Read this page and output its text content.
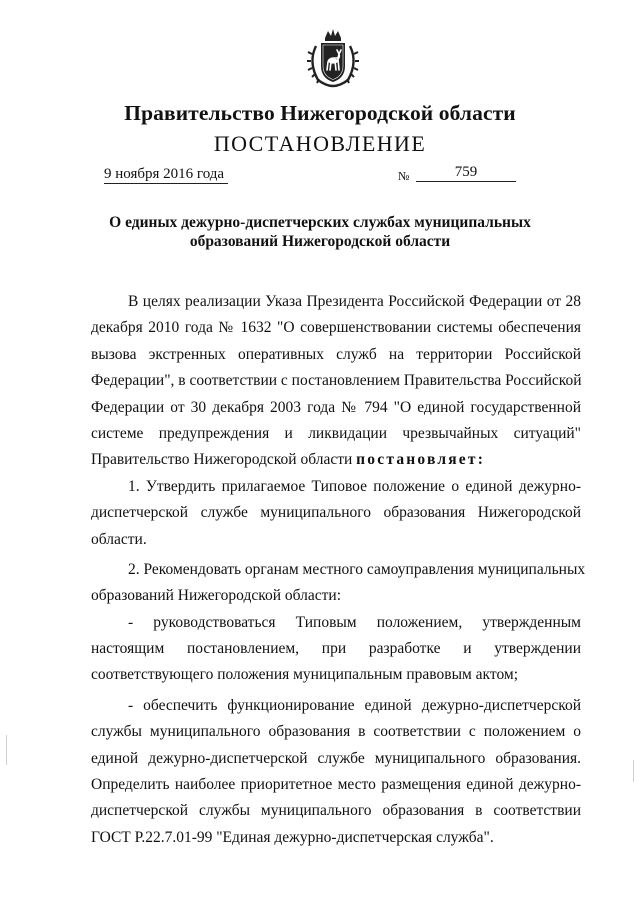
Правительство Нижегородской области
ПОСТАНОВЛЕНИЕ
9 ноября 2016 года	№	759
О единых дежурно-диспетчерских службах муниципальных
образований Нижегородской области
В целях реализации Указа Президента Российской Федерации от 28
декабря 2010 года № 1632 "О совершенствовании системы обеспечения
вызова экстренных оперативных служб на территории Российской
Федерации", в соответствии с постановлением Правительства Российской
Федерации от 30 декабря 2003 года № 794 "О единой государственной
системе предупреждения и ликвидации чрезвычайных ситуаций"
Правительство Нижегородской области постановляет:
1. Утвердить прилагаемое Типовое положение о единой дежурно-
диспетчерской службе муниципального образования Нижегородской
области.
2. Рекомендовать органам местного самоуправления муниципальных
образований Нижегородской области:
- руководствоваться Типовым положением, утвержденным
настоящим постановлением, при разработке и утверждении
соответствующего положения муниципальным правовым актом;
- обеспечить функционирование единой дежурно-диспетчерской
службы муниципального образования в соответствии с положением о
единой дежурно-диспетчерской службе муниципального образования.
Определить наиболее приоритетное место размещения единой дежурно-
диспетчерской службы муниципального образования в соответствии
ГОСТ Р.22.7.01-99 "Единая дежурно-диспетчерская служба".
